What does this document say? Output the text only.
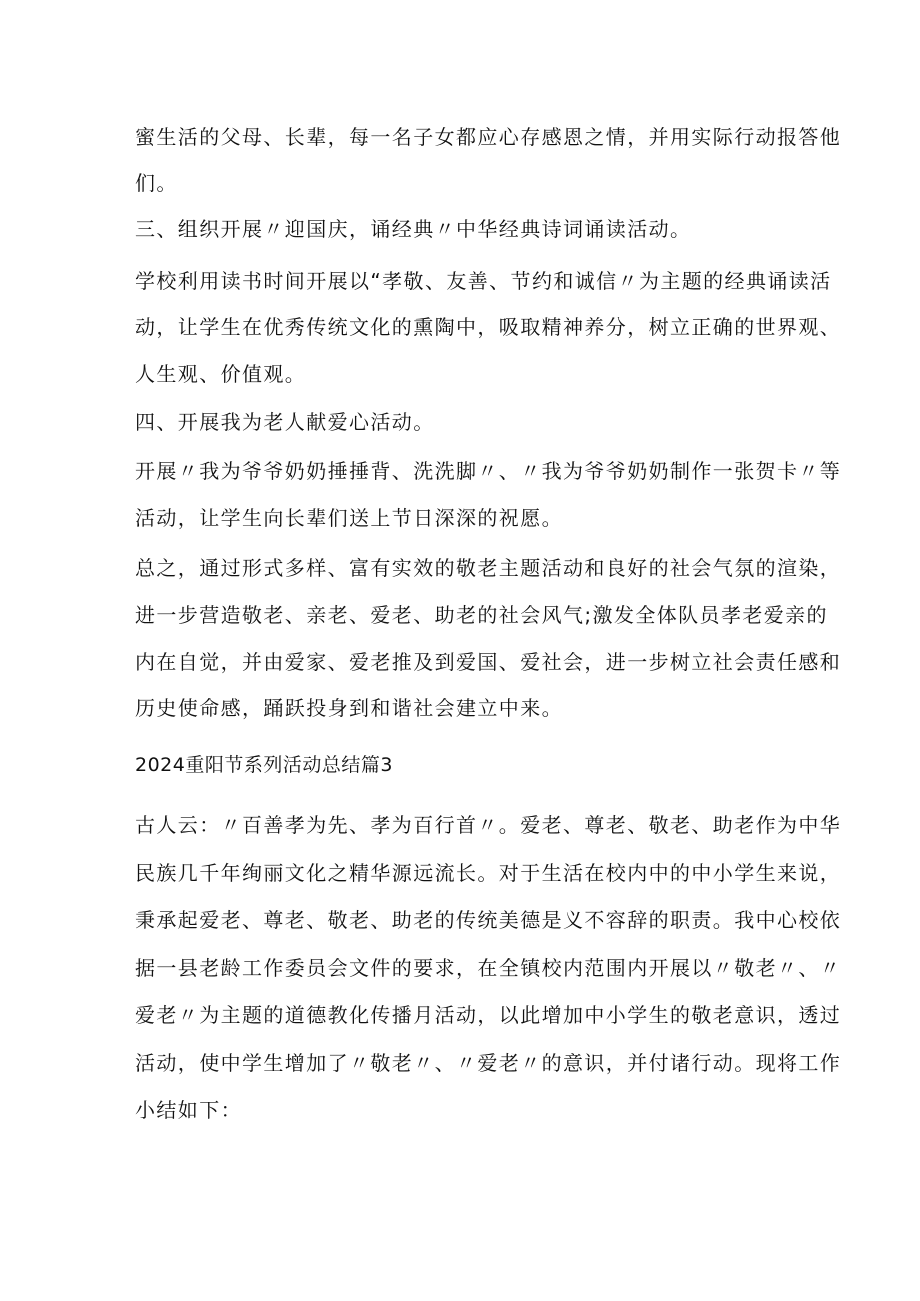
蜜生活的父母、长辈，每一名子女都应心存感恩之情，并用实际行动报答他
们。
三、组织开展〃迎国庆，诵经典〃中华经典诗词诵读活动。
学校利用读书时间开展以“孝敬、友善、节约和诚信〃为主题的经典诵读活
动，让学生在优秀传统文化的熏陶中，吸取精神养分，树立正确的世界观、
人生观、价值观。
四、开展我为老人献爱心活动。
开展〃我为爷爷奶奶捶捶背、洗洗脚〃、〃我为爷爷奶奶制作一张贺卡〃等
活动，让学生向长辈们送上节日深深的祝愿。
总之，通过形式多样、富有实效的敬老主题活动和良好的社会气氛的渲染，
进一步营造敬老、亲老、爱老、助老的社会风气;激发全体队员孝老爱亲的
内在自觉，并由爱家、爱老推及到爱国、爱社会，进一步树立社会责任感和
历史使命感，踊跃投身到和谐社会建立中来。
2024重阳节系列活动总结篇3
古人云：〃百善孝为先、孝为百行首〃。爱老、尊老、敬老、助老作为中华
民族几千年绚丽文化之精华源远流长。对于生活在校内中的中小学生来说，
秉承起爱老、尊老、敬老、助老的传统美德是义不容辞的职责。我中心校依
据一县老龄工作委员会文件的要求，在全镇校内范围内开展以〃敬老〃、〃
爱老〃为主题的道德教化传播月活动，以此增加中小学生的敬老意识，透过
活动，使中学生增加了〃敬老〃、〃爱老〃的意识，并付诸行动。现将工作
小结如下：
